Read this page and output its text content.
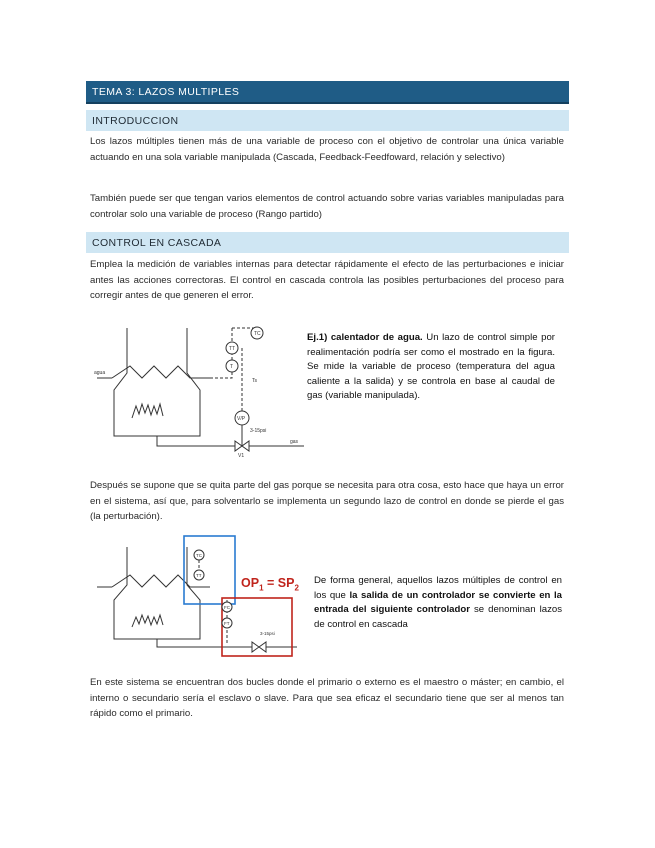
TEMA 3: LAZOS MULTIPLES
INTRODUCCION

Los lazos múltiples tienen más de una variable de proceso con el objetivo de controlar una única variable actuando en una sola variable manipulada (Cascada, Feedback-Feedfoward, relación y selectivo)

También puede ser que tengan varios elementos de control actuando sobre varias variables manipuladas para controlar solo una variable de proceso (Rango partido)

CONTROL EN CASCADA

Emplea la medición de variables internas para detectar rápidamente el efecto de las perturbaciones e iniciar antes las acciones correctoras. El control en cascada controla las posibles perturbaciones del proceso para corregir antes de que generen el error.

TC
TT
T
V/P
3-15psi
gas
agua
V1
Ts

Ej.1) calentador de agua. Un lazo de control simple por realimentación podría ser como el mostrado en la figura. Se mide la variable de proceso (temperatura del agua caliente a la salida) y se controla en base al caudal de gas (variable manipulada).

Después se supone que se quita parte del gas porque se necesita para otra cosa, esto hace que haya un error en el sistema, así que, para solventarlo se implementa un segundo lazo de control en donde se pierde el gas (la perturbación).

TC
TT
FC
FT
3-15psi
$OP_1 = SP_2$

De forma general, aquellos lazos múltiples de control en los que la salida de un controlador se convierte en la entrada del siguiente controlador se denominan lazos de control en cascada

En este sistema se encuentran dos bucles donde el primario o externo es el maestro o máster; en cambio, el interno o secundario sería el esclavo o slave. Para que sea eficaz el secundario tiene que ser al menos tan rápido como el primario.
